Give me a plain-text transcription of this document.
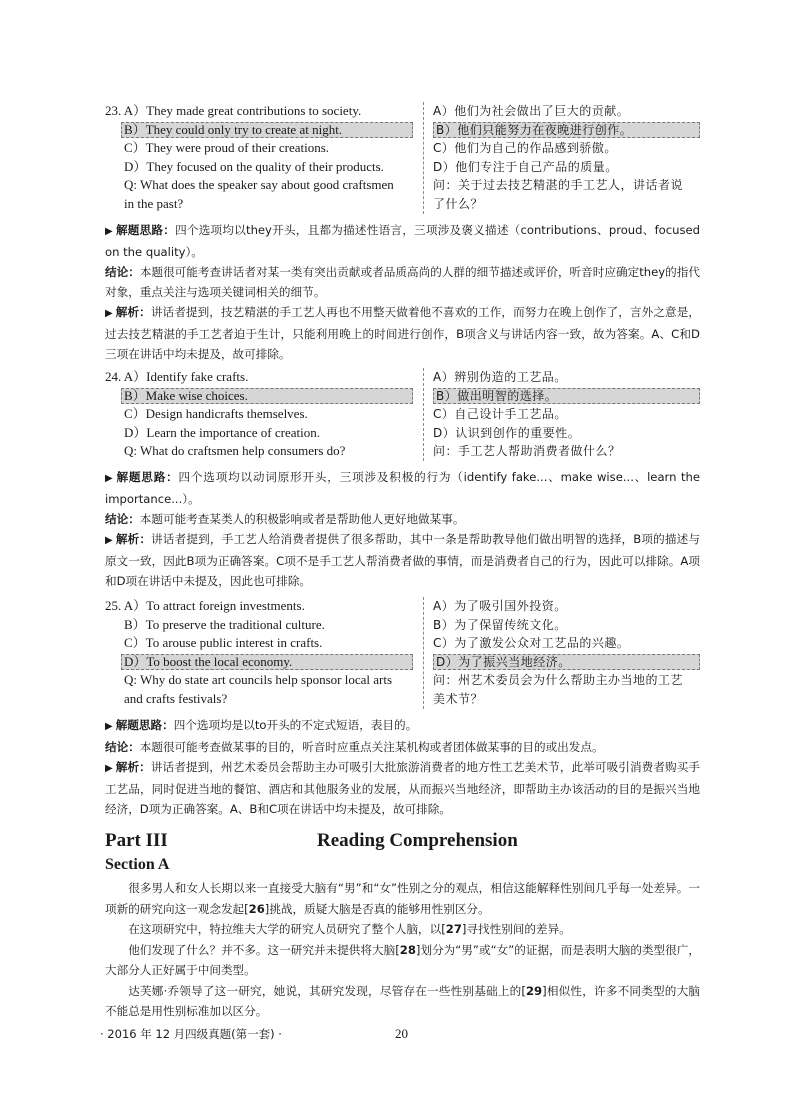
23. A）They made great contributions to society.	A）他们为社会做出了巨大的贡献。
B）They could only try to create at night.	B）他们只能努力在夜晚进行创作。
C）They were proud of their creations.	C）他们为自己的作品感到骄傲。
D）They focused on the quality of their products.	D）他们专注于自己产品的质量。
Q: What does the speaker say about good craftsmen	问：关于过去技艺精湛的手工艺人，讲话者说
in the past?	了什么？

▶ 解题思路：四个选项均以they开头，且都为描述性语言，三项涉及褒义描述（contributions、proud、focused on the quality）。

结论：本题很可能考查讲话者对某一类有突出贡献或者品质高尚的人群的细节描述或评价，听音时应确定they的指代对象，重点关注与选项关键词相关的细节。

▶ 解析：讲话者提到，技艺精湛的手工艺人再也不用整天做着他不喜欢的工作，而努力在晚上创作了，言外之意是，过去技艺精湛的手工艺者迫于生计，只能利用晚上的时间进行创作，B项含义与讲话内容一致，故为答案。A、C和D三项在讲话中均未提及，故可排除。

24. A）Identify fake crafts.	A）辨别伪造的工艺品。
B）Make wise choices.	B）做出明智的选择。
C）Design handicrafts themselves.	C）自己设计手工艺品。
D）Learn the importance of creation.	D）认识到创作的重要性。
Q: What do craftsmen help consumers do?	问：手工艺人帮助消费者做什么？

▶ 解题思路：四个选项均以动词原形开头，三项涉及积极的行为（identify fake...、make wise...、learn the importance...）。

结论：本题可能考查某类人的积极影响或者是帮助他人更好地做某事。

▶ 解析：讲话者提到，手工艺人给消费者提供了很多帮助，其中一条是帮助教导他们做出明智的选择，B项的描述与原文一致，因此B项为正确答案。C项不是手工艺人帮消费者做的事情，而是消费者自己的行为，因此可以排除。A项和D项在讲话中未提及，因此也可排除。

25. A）To attract foreign investments.	A）为了吸引国外投资。
B）To preserve the traditional culture.	B）为了保留传统文化。
C）To arouse public interest in crafts.	C）为了激发公众对工艺品的兴趣。
D）To boost the local economy.	D）为了振兴当地经济。
Q: Why do state art councils help sponsor local arts	问：州艺术委员会为什么帮助主办当地的工艺
and crafts festivals?	美术节？

▶ 解题思路：四个选项均是以to开头的不定式短语，表目的。

结论：本题很可能考查做某事的目的，听音时应重点关注某机构或者团体做某事的目的或出发点。

▶ 解析：讲话者提到，州艺术委员会帮助主办可吸引大批旅游消费者的地方性工艺美术节，此举可吸引消费者购买手工艺品，同时促进当地的餐馆、酒店和其他服务业的发展，从而振兴当地经济，即帮助主办该活动的目的是振兴当地经济，D项为正确答案。A、B和C项在讲话中均未提及，故可排除。

Part III	Reading Comprehension
Section A

很多男人和女人长期以来一直接受大脑有“男”和“女”性别之分的观点，相信这能解释性别间几乎每一处差异。一项新的研究向这一观念发起[26]挑战，质疑大脑是否真的能够用性别区分。

在这项研究中，特拉维夫大学的研究人员研究了整个人脑，以[27]寻找性别间的差异。

他们发现了什么？并不多。这一研究并未提供将大脑[28]划分为“男”或“女”的证据，而是表明大脑的类型很广，大部分人正好属于中间类型。

达芙娜·乔领导了这一研究，她说，其研究发现，尽管存在一些性别基础上的[29]相似性，许多不同类型的大脑不能总是用性别标准加以区分。

· 2016 年 12 月四级真题(第一套) ·	20
